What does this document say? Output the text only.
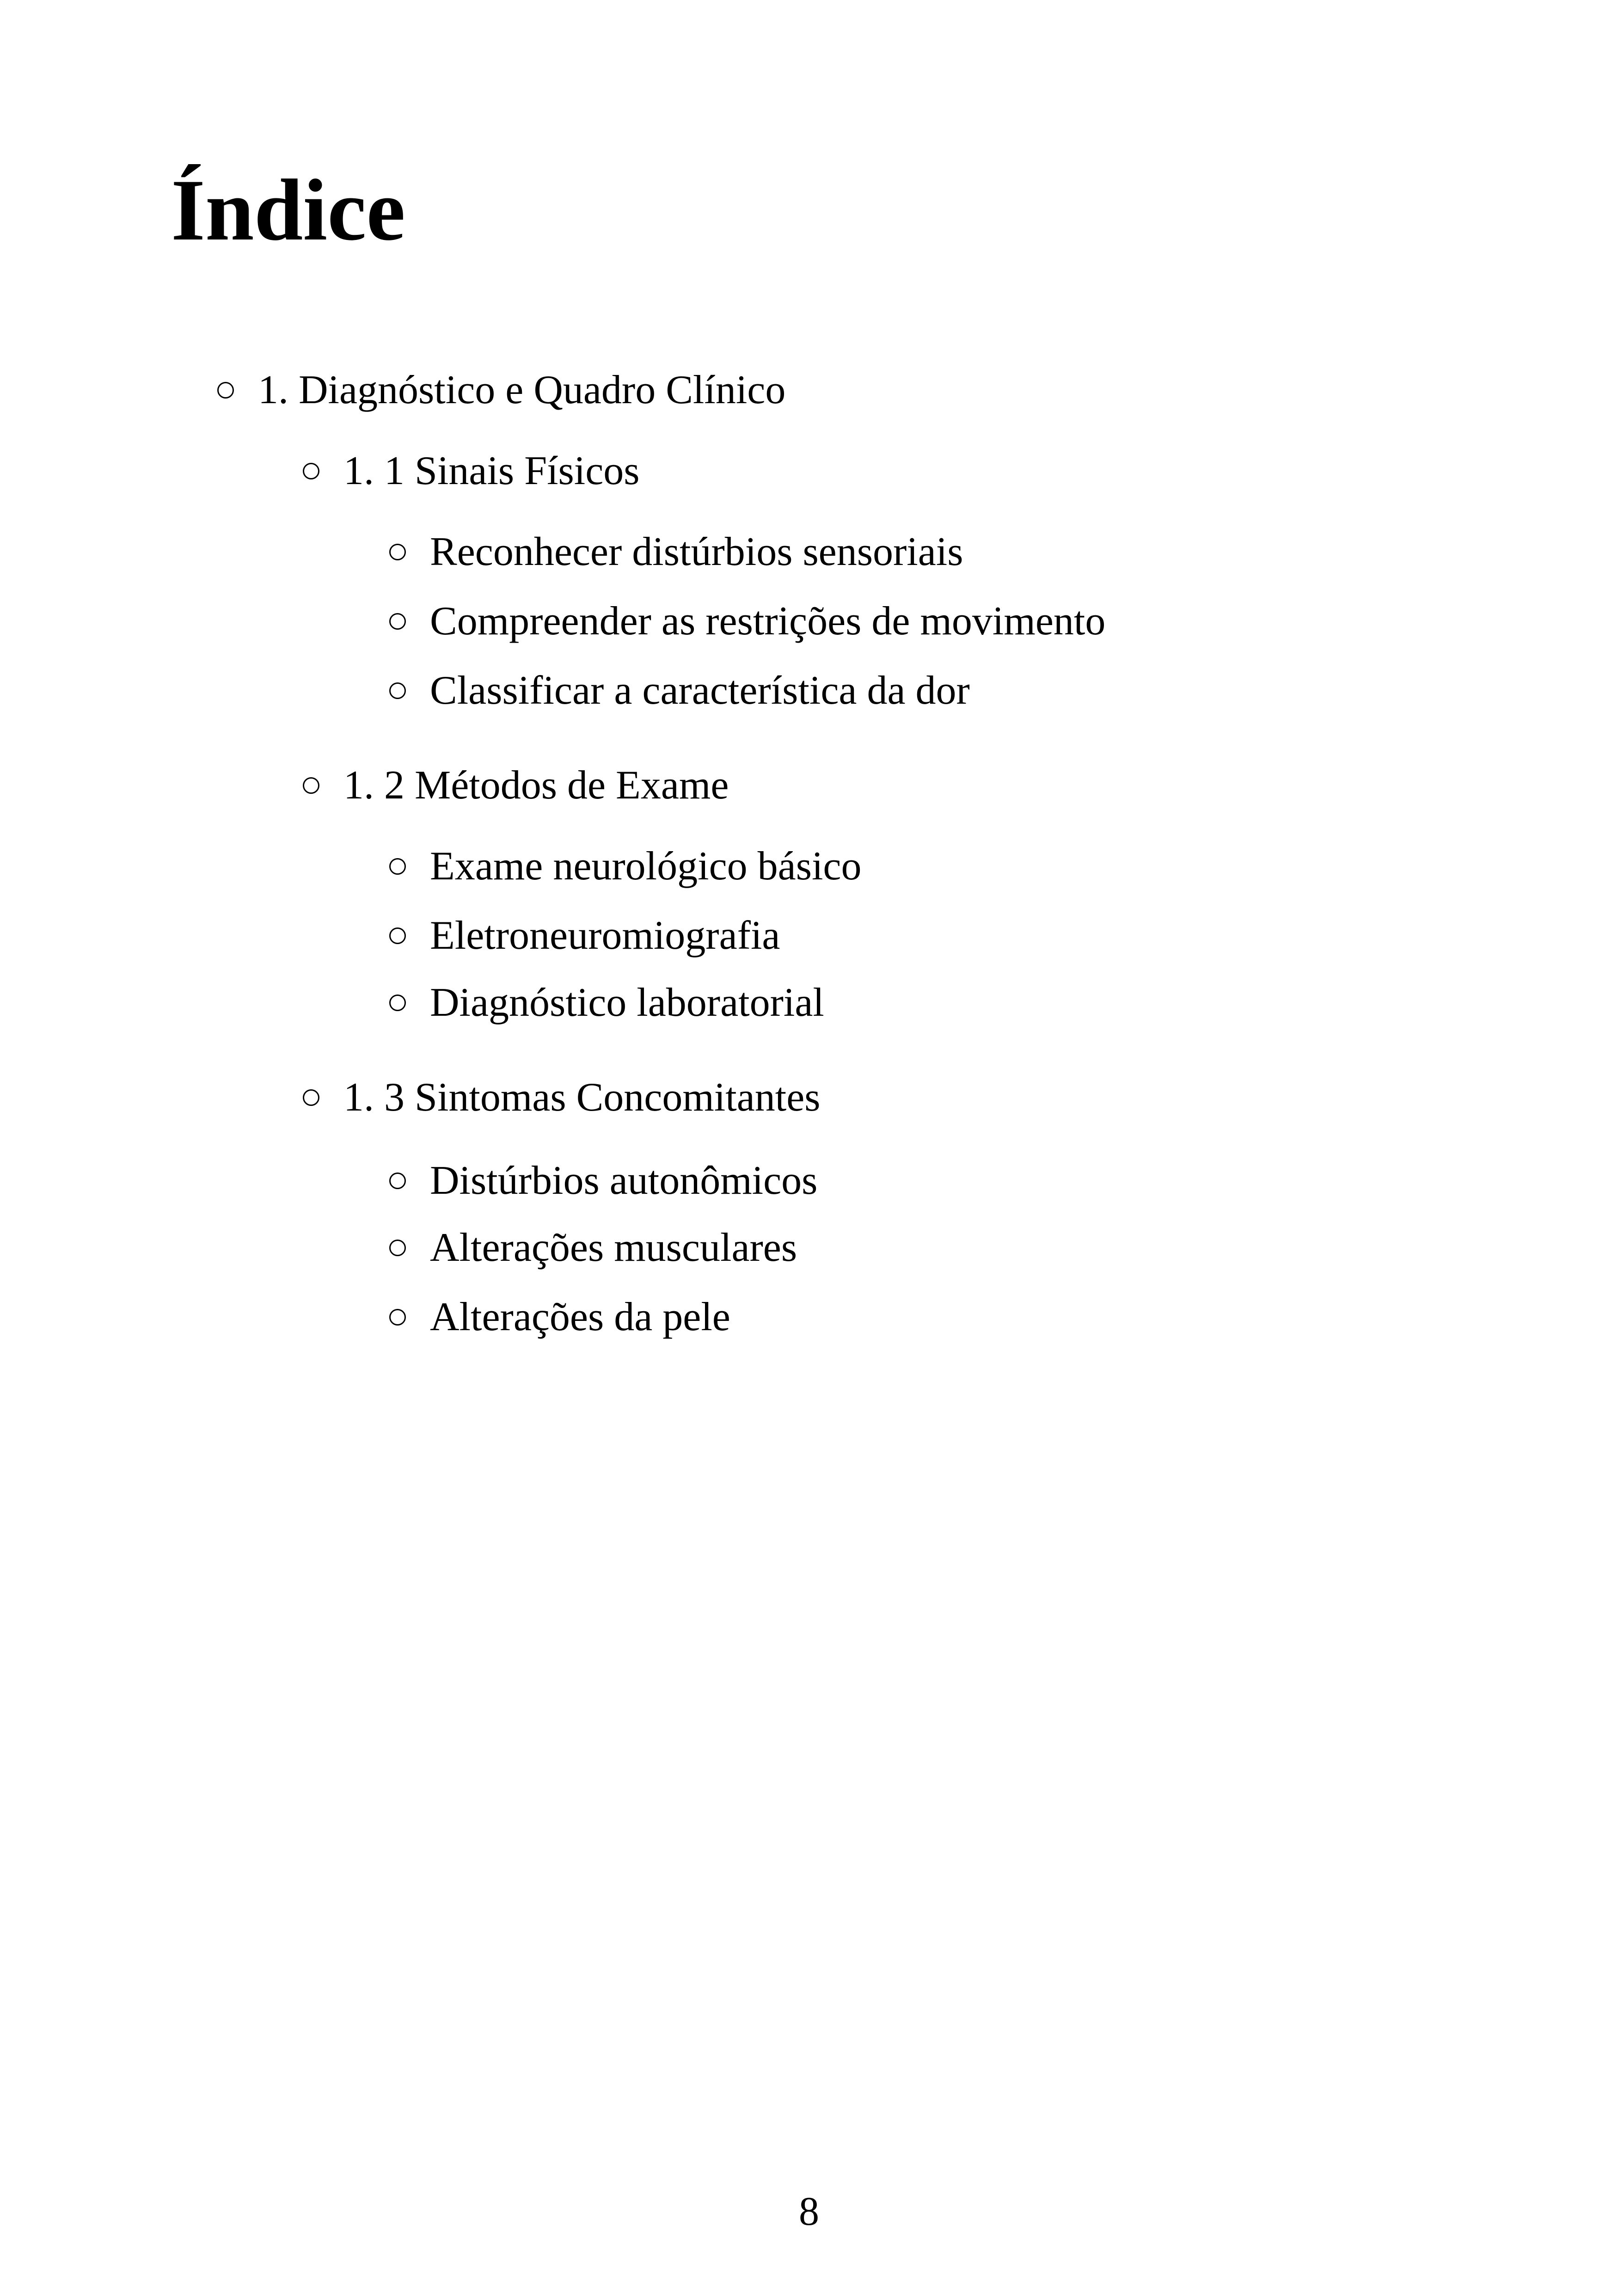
Índice
1. Diagnóstico e Quadro Clínico
1. 1 Sinais Físicos
Reconhecer distúrbios sensoriais
Compreender as restrições de movimento
Classificar a característica da dor
1. 2 Métodos de Exame
Exame neurológico básico
Eletroneuromiografia
Diagnóstico laboratorial
1. 3 Sintomas Concomitantes
Distúrbios autonômicos
Alterações musculares
Alterações da pele
8
